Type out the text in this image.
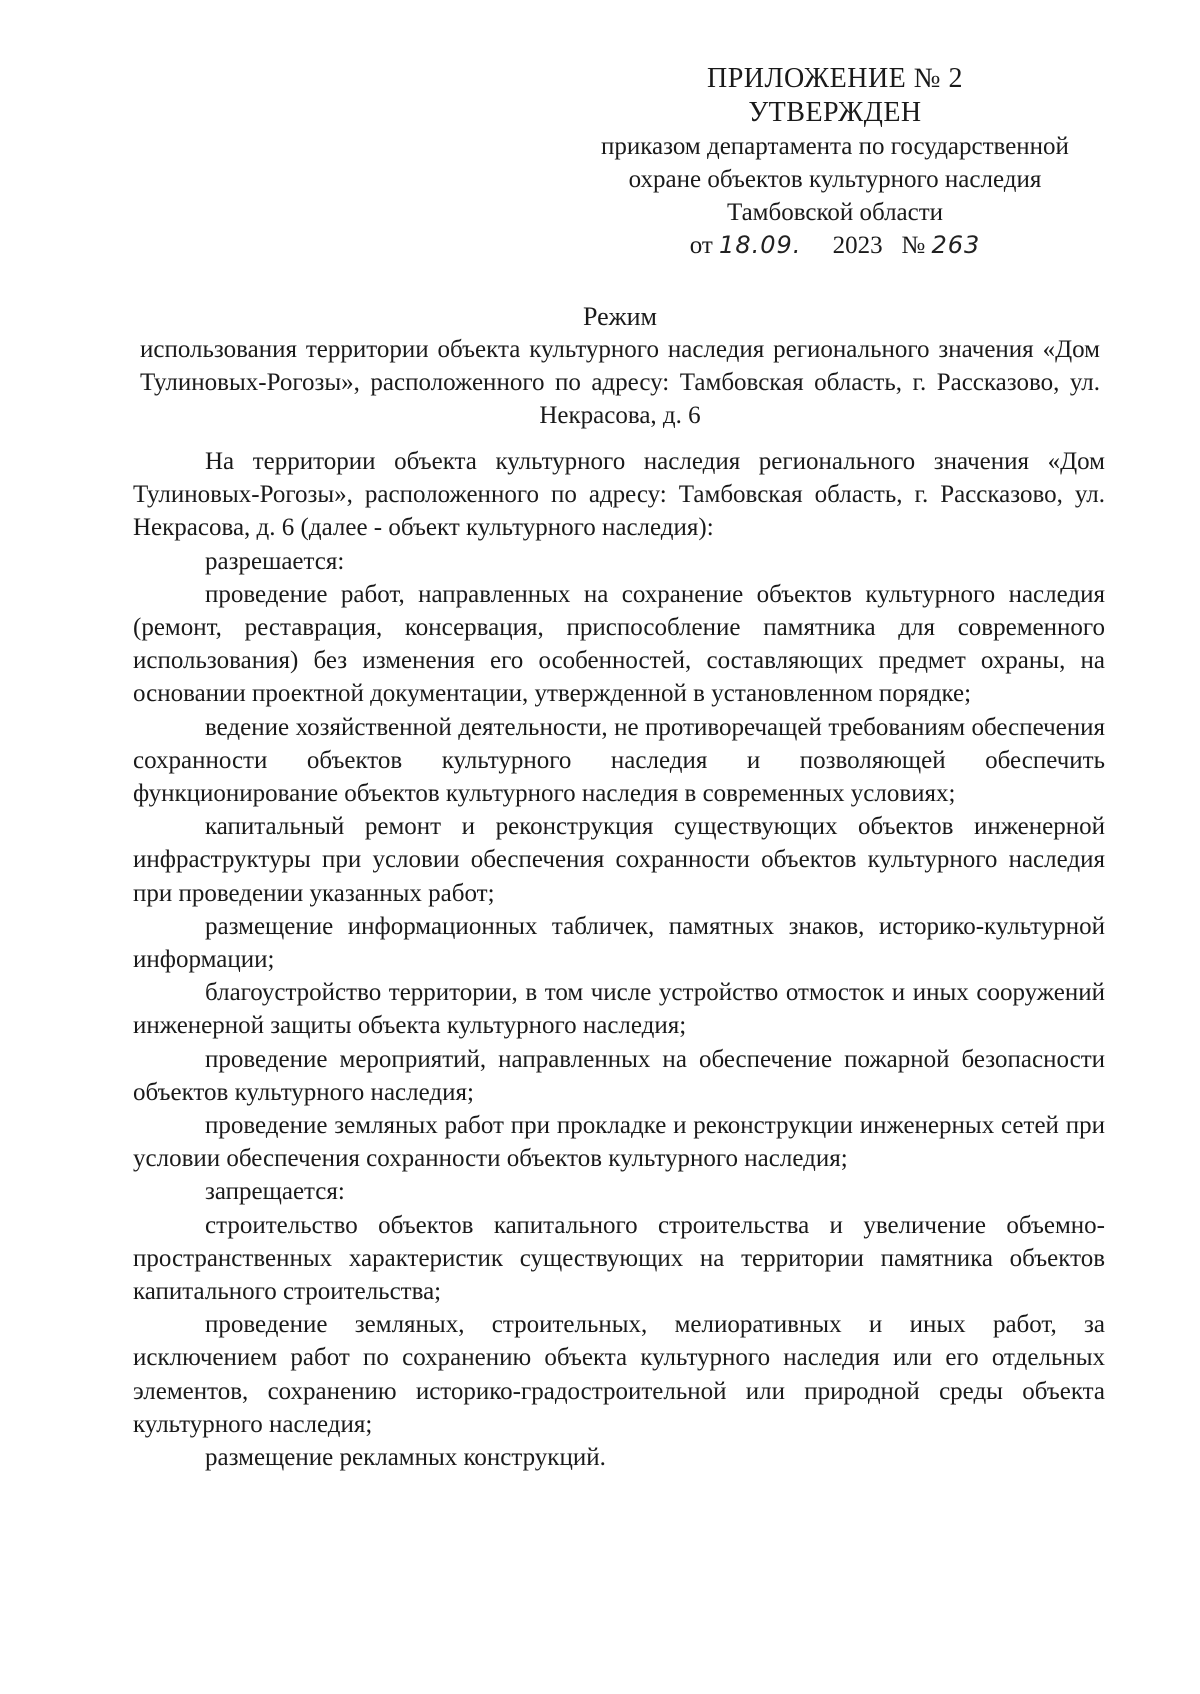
ПРИЛОЖЕНИЕ № 2
УТВЕРЖДЕН
приказом департамента по государственной
охране объектов культурного наследия
Тамбовской области
от 18.09. 2023 № 263
Режим
использования территории объекта культурного наследия регионального значения «Дом Тулиновых-Рогозы», расположенного по адресу: Тамбовская область, г. Рассказово, ул. Некрасова, д. 6

На территории объекта культурного наследия регионального значения «Дом Тулиновых-Рогозы», расположенного по адресу: Тамбовская область, г. Рассказово, ул. Некрасова, д. 6 (далее - объект культурного наследия):

разрешается:

проведение работ, направленных на сохранение объектов культурного наследия (ремонт, реставрация, консервация, приспособление памятника для современного использования) без изменения его особенностей, составляющих предмет охраны, на основании проектной документации, утвержденной в установленном порядке;

ведение хозяйственной деятельности, не противоречащей требованиям обеспечения сохранности объектов культурного наследия и позволяющей обеспечить функционирование объектов культурного наследия в современных условиях;

капитальный ремонт и реконструкция существующих объектов инженерной инфраструктуры при условии обеспечения сохранности объектов культурного наследия при проведении указанных работ;

размещение информационных табличек, памятных знаков, историко-культурной информации;

благоустройство территории, в том числе устройство отмосток и иных сооружений инженерной защиты объекта культурного наследия;

проведение мероприятий, направленных на обеспечение пожарной безопасности объектов культурного наследия;

проведение земляных работ при прокладке и реконструкции инженерных сетей при условии обеспечения сохранности объектов культурного наследия;

запрещается:

строительство объектов капитального строительства и увеличение объемно-пространственных характеристик существующих на территории памятника объектов капитального строительства;

проведение земляных, строительных, мелиоративных и иных работ, за исключением работ по сохранению объекта культурного наследия или его отдельных элементов, сохранению историко-градостроительной или природной среды объекта культурного наследия;

размещение рекламных конструкций.
